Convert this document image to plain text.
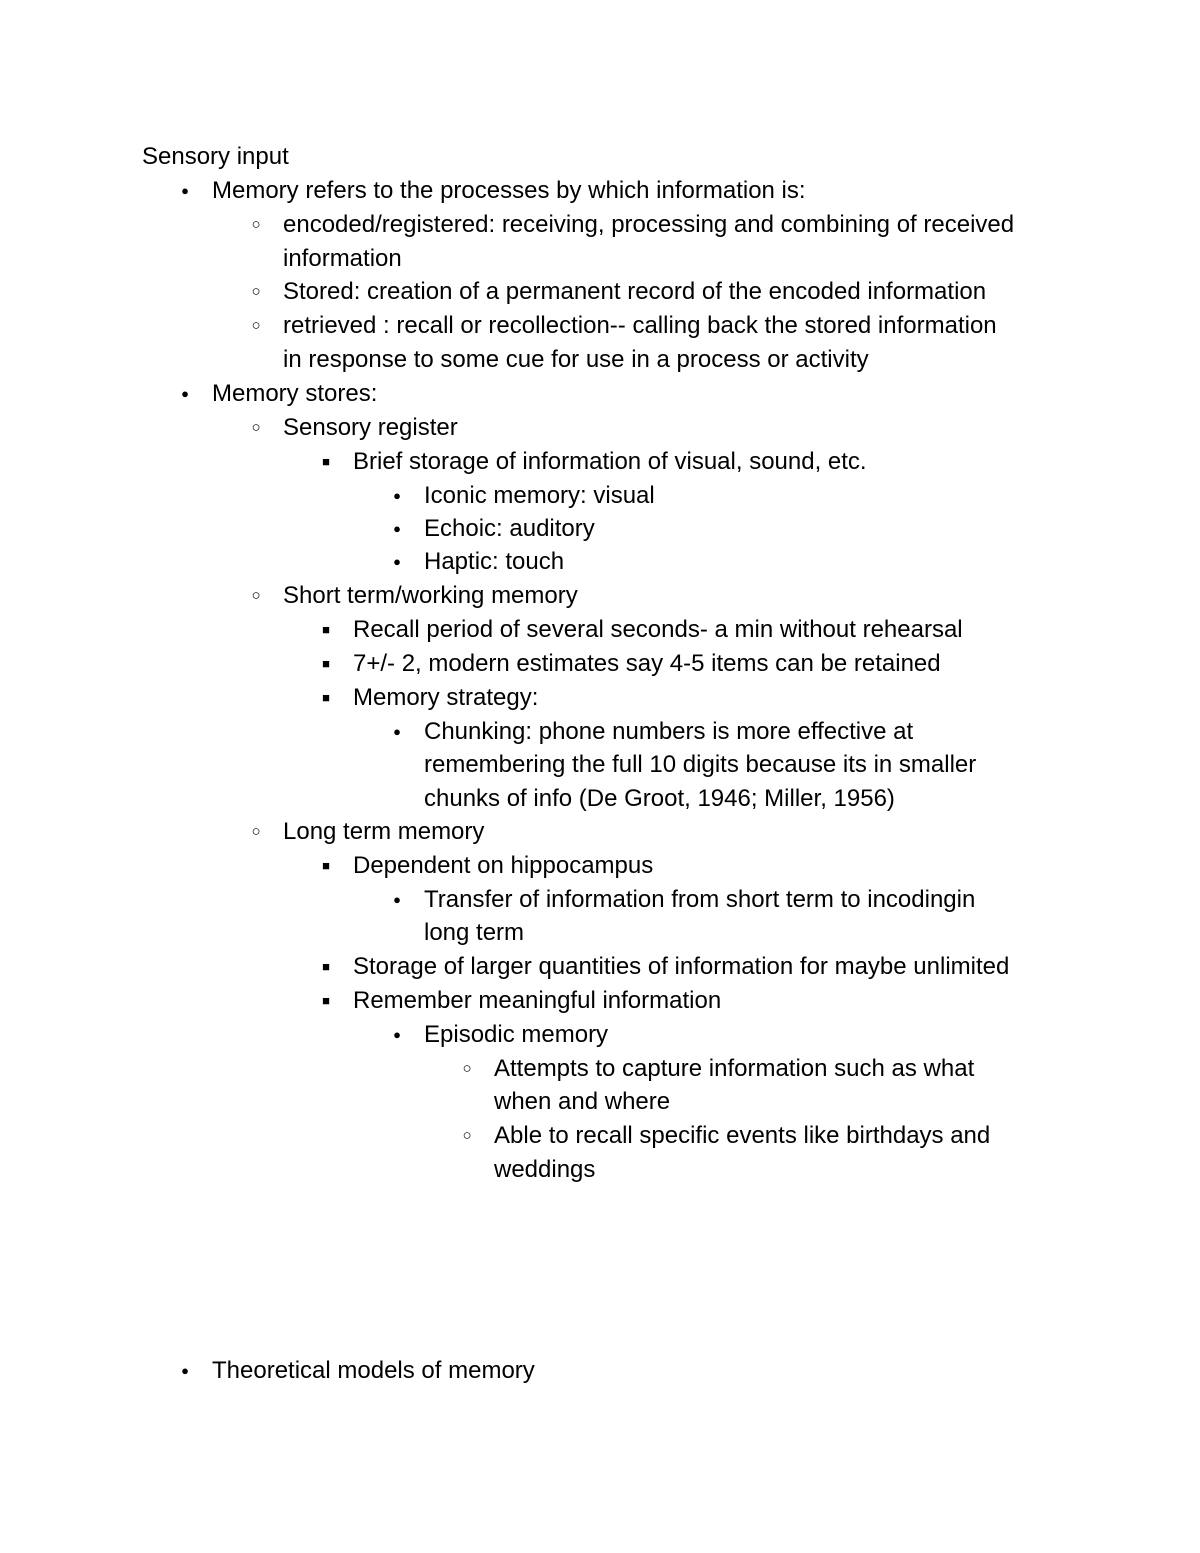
Sensory input
●
Memory refers to the processes by which information is:
○
encoded/registered: receiving, processing and combining of received
information
○
Stored: creation of a permanent record of the encoded information
○
retrieved : recall or recollection-- calling back the stored information
in response to some cue for use in a process or activity
●
Memory stores:
○
Sensory register
■
Brief storage of information of visual, sound, etc.
●
Iconic memory: visual
●
Echoic: auditory
●
Haptic: touch
○
Short term/working memory
■
Recall period of several seconds- a min without rehearsal
■
7+/- 2, modern estimates say 4-5 items can be retained
■
Memory strategy:
●
Chunking: phone numbers is more effective at
remembering the full 10 digits because its in smaller
chunks of info (De Groot, 1946; Miller, 1956)
○
Long term memory
■
Dependent on hippocampus
●
Transfer of information from short term to incodingin
long term
■
Storage of larger quantities of information for maybe unlimited
■
Remember meaningful information
●
Episodic memory
○
Attempts to capture information such as what
when and where
○
Able to recall specific events like birthdays and
weddings
●
Theoretical models of memory
